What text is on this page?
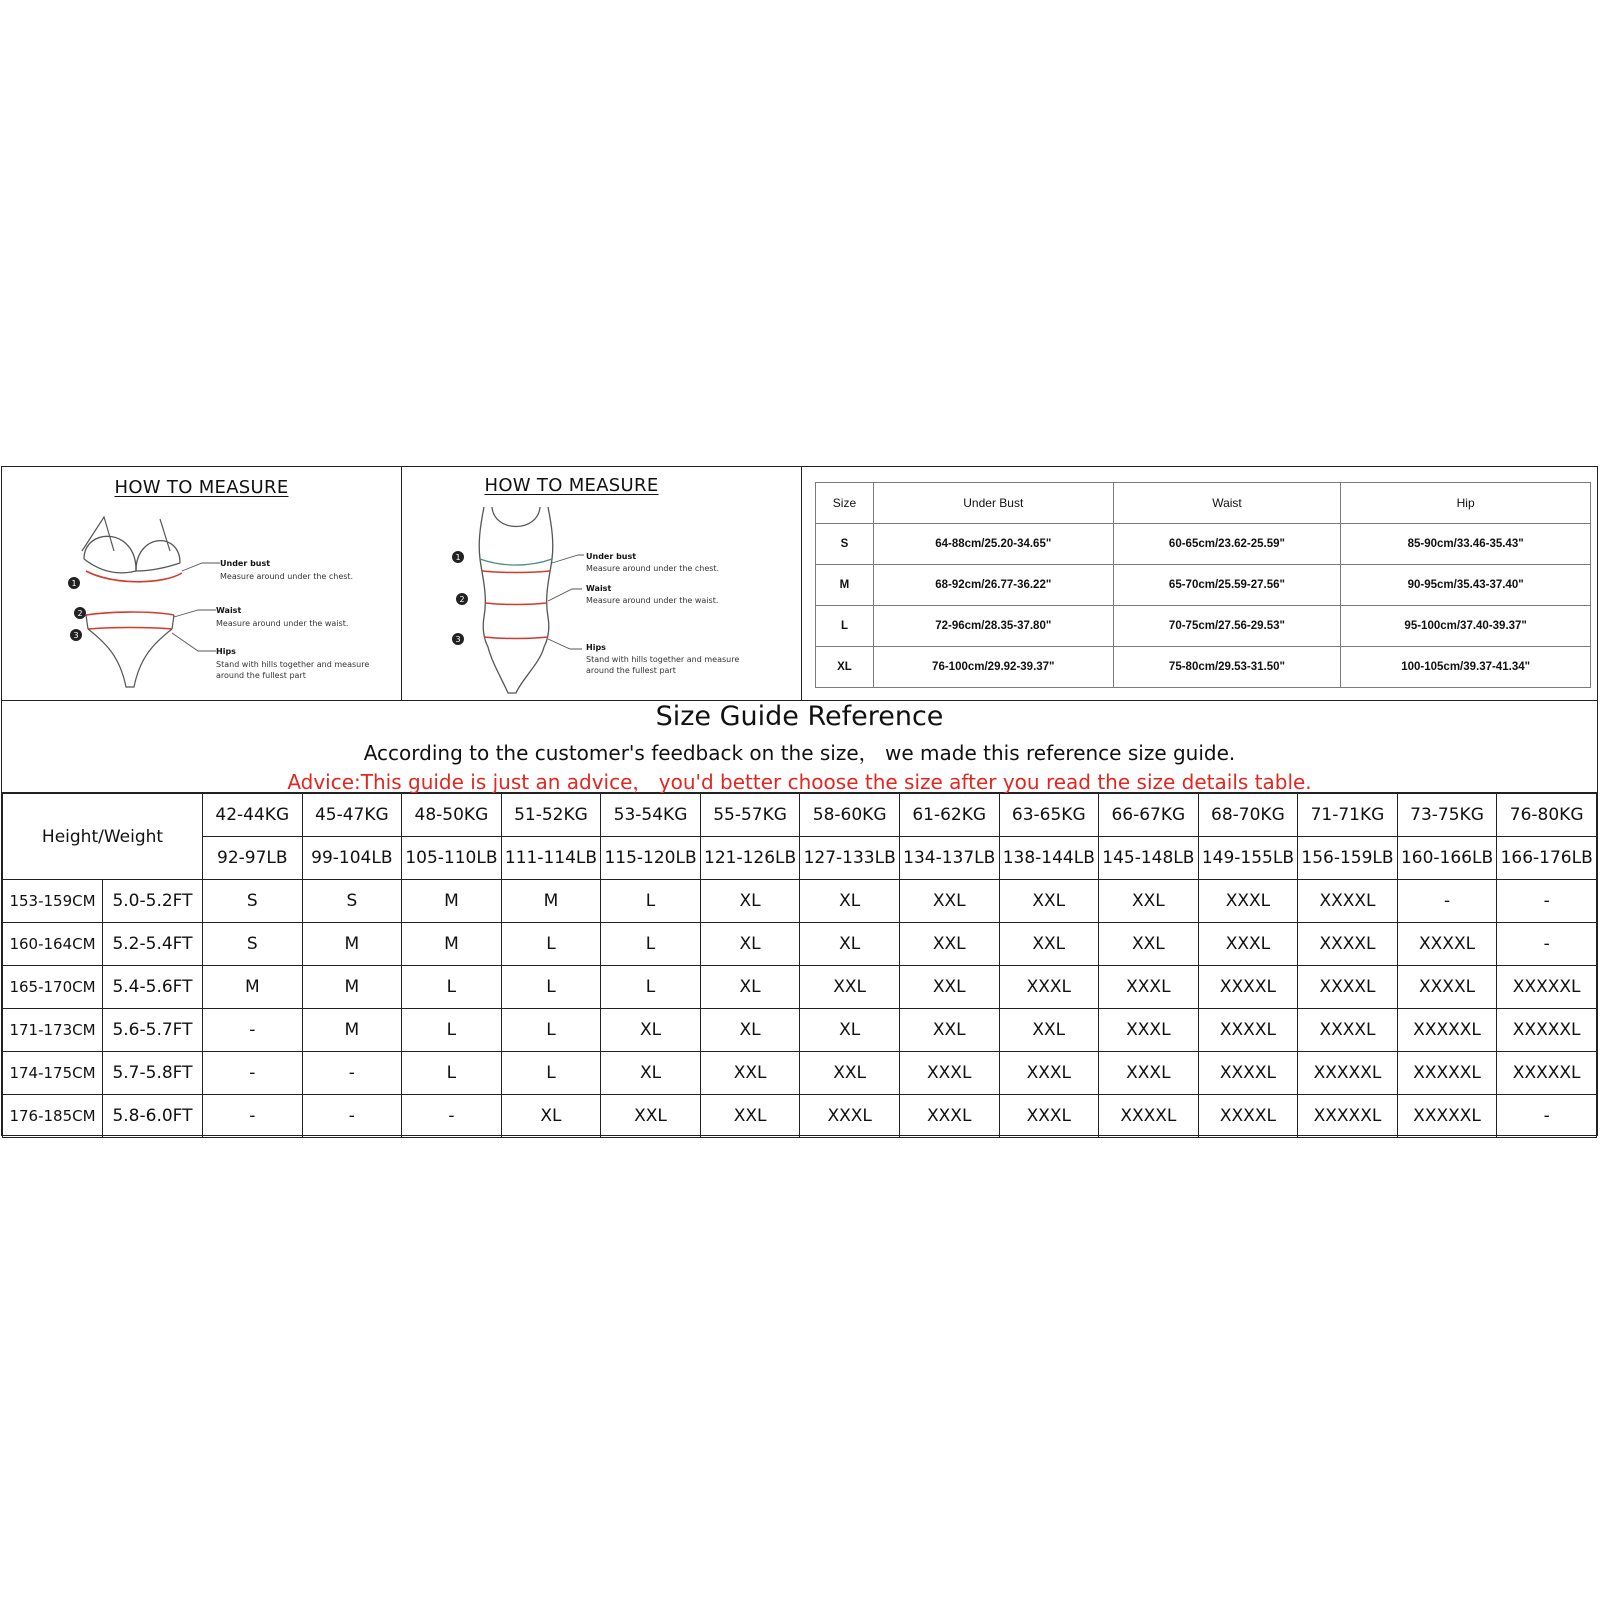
HOW TO MEASURE
1
2
3
Under bust
Measure around under the chest.
Waist
Measure around under the waist.
Hips
Stand with hills together and measure
around the fullest part
HOW TO MEASURE
1
2
3
Under bust
Measure around under the chest.
Waist
Measure around under the waist.
Hips
Stand with hills together and measure
around the fullest part
Size	Under Bust	Waist	Hip
S	64-88cm/25.20-34.65"	60-65cm/23.62-25.59"	85-90cm/33.46-35.43"
M	68-92cm/26.77-36.22"	65-70cm/25.59-27.56"	90-95cm/35.43-37.40"
L	72-96cm/28.35-37.80"	70-75cm/27.56-29.53"	95-100cm/37.40-39.37"
XL	76-100cm/29.92-39.37"	75-80cm/29.53-31.50"	100-105cm/39.37-41.34"
Size Guide Reference
According to the customer's feedback on the size， we made this reference size guide.
Advice:This guide is just an advice， you'd better choose the size after you read the size details table.
Height/Weight		42-44KG	45-47KG	48-50KG	51-52KG	53-54KG	55-57KG	58-60KG	61-62KG	63-65KG	66-67KG	68-70KG	71-71KG	73-75KG	76-80KG
		92-97LB	99-104LB	105-110LB	111-114LB	115-120LB	121-126LB	127-133LB	134-137LB	138-144LB	145-148LB	149-155LB	156-159LB	160-166LB	166-176LB
153-159CM	5.0-5.2FT	S	S	M	M	L	XL	XL	XXL	XXL	XXL	XXXL	XXXXL	-	-
160-164CM	5.2-5.4FT	S	M	M	L	L	XL	XL	XXL	XXL	XXL	XXXL	XXXXL	XXXXL	-
165-170CM	5.4-5.6FT	M	M	L	L	L	XL	XXL	XXL	XXXL	XXXL	XXXXL	XXXXL	XXXXL	XXXXXL
171-173CM	5.6-5.7FT	-	M	L	L	XL	XL	XL	XXL	XXL	XXXL	XXXXL	XXXXL	XXXXXL	XXXXXL
174-175CM	5.7-5.8FT	-	-	L	L	XL	XXL	XXL	XXXL	XXXL	XXXL	XXXXL	XXXXXL	XXXXXL	XXXXXL
176-185CM	5.8-6.0FT	-	-	-	XL	XXL	XXL	XXXL	XXXL	XXXL	XXXXL	XXXXL	XXXXXL	XXXXXL	-
